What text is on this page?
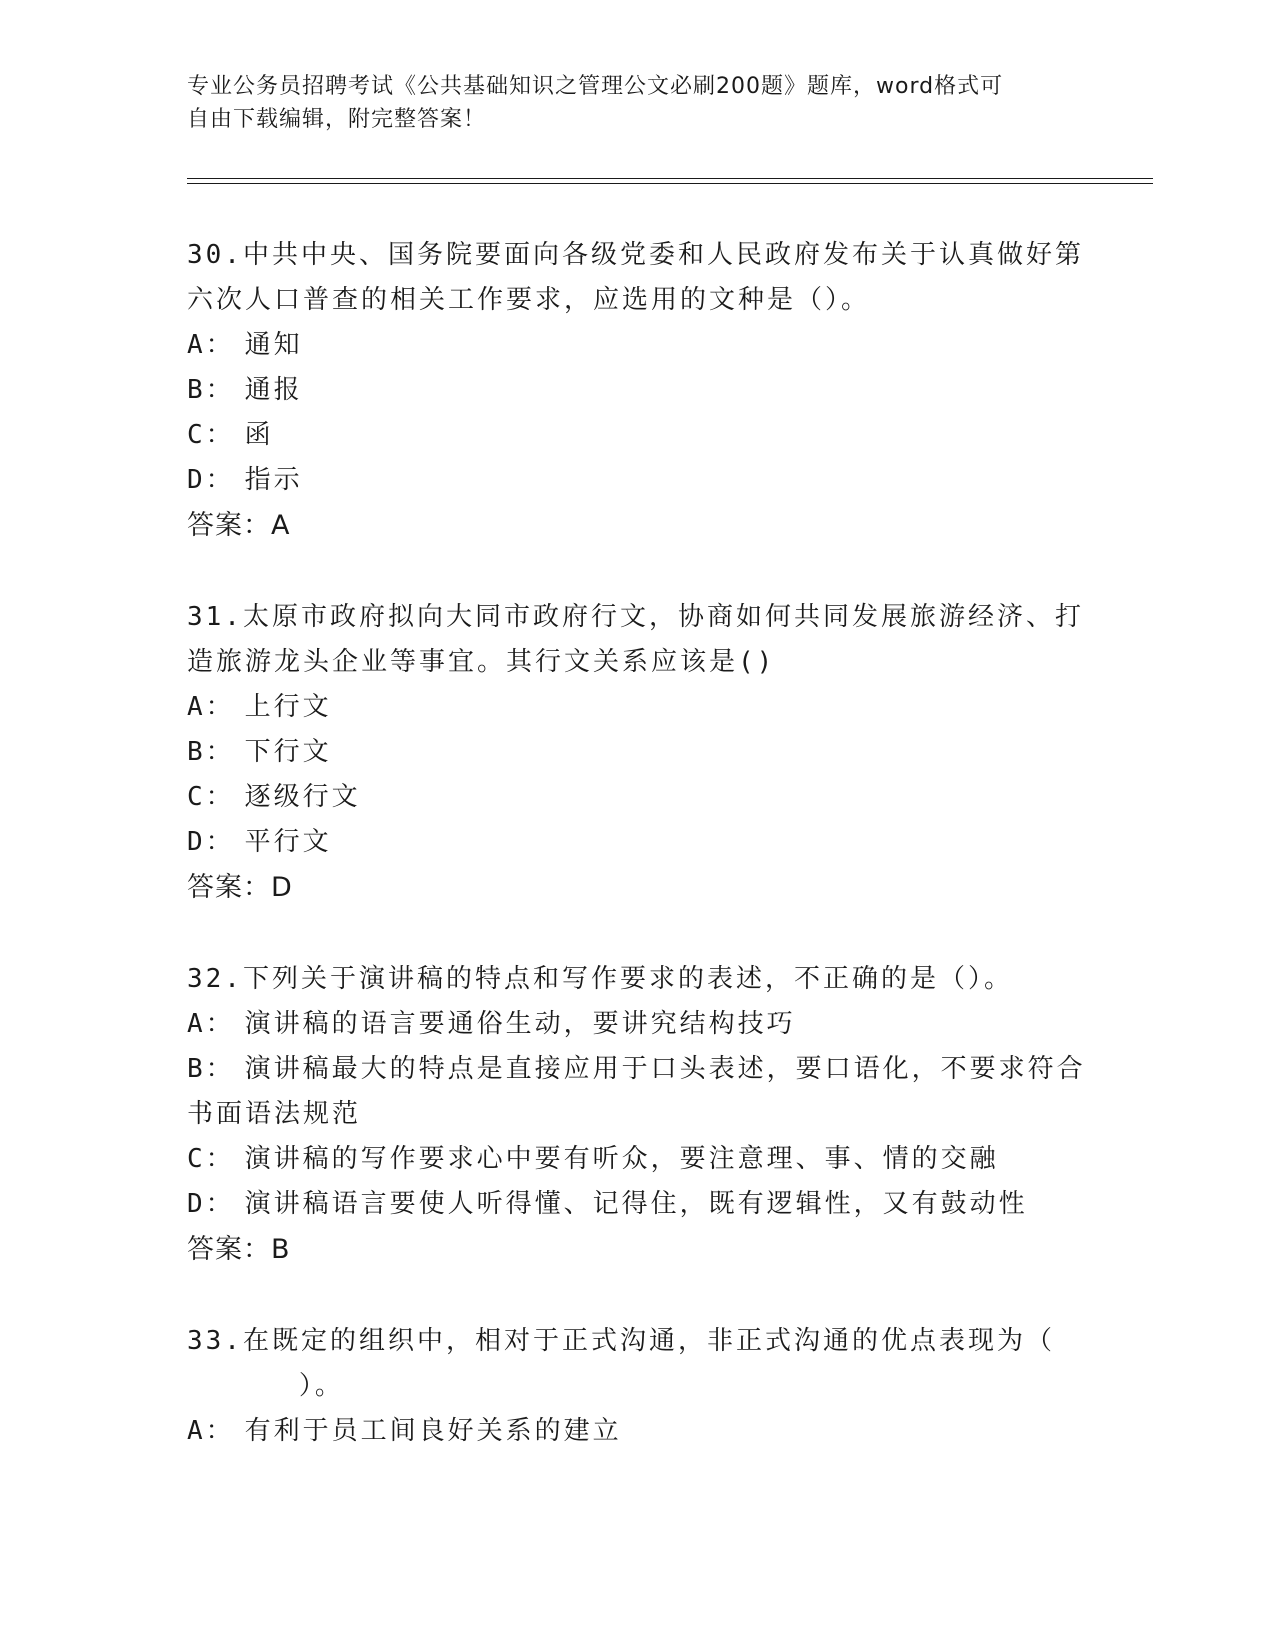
专业公务员招聘考试《公共基础知识之管理公文必刷200题》题库，word格式可
自由下载编辑，附完整答案！
30.中共中央、国务院要面向各级党委和人民政府发布关于认真做好第
六次人口普查的相关工作要求，应选用的文种是（）。
A： 通知
B： 通报
C： 函
D： 指示
答案：A
31.太原市政府拟向大同市政府行文，协商如何共同发展旅游经济、打
造旅游龙头企业等事宜。其行文关系应该是()
A： 上行文
B： 下行文
C： 逐级行文
D： 平行文
答案：D
32.下列关于演讲稿的特点和写作要求的表述，不正确的是（）。
A： 演讲稿的语言要通俗生动，要讲究结构技巧
B： 演讲稿最大的特点是直接应用于口头表述，要口语化，不要求符合
书面语法规范
C： 演讲稿的写作要求心中要有听众，要注意理、事、情的交融
D： 演讲稿语言要使人听得懂、记得住，既有逻辑性，又有鼓动性
答案：B
33.在既定的组织中，相对于正式沟通，非正式沟通的优点表现为（
）。
A： 有利于员工间良好关系的建立
